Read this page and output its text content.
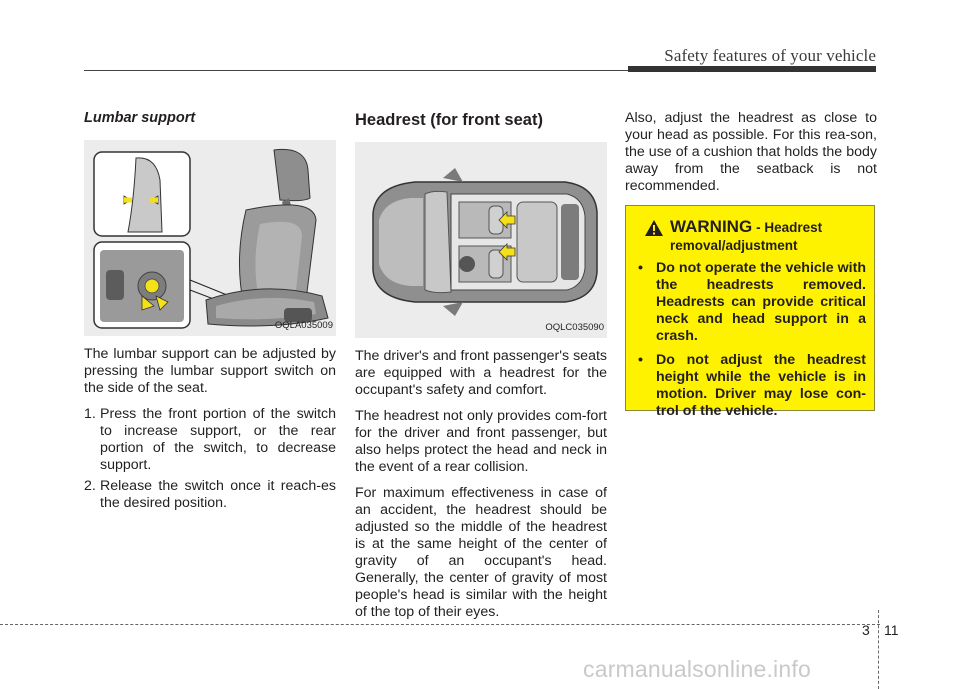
Safety features of your vehicle
Lumbar support
OQLA035009

The lumbar support can be adjusted by pressing the lumbar support switch on the side of the seat.

1. Press the front portion of the switch to increase support, or the rear portion of the switch, to decrease support.
2. Release the switch once it reach-es the desired position.
Headrest (for front seat)
OQLC035090

The driver's and front passenger's seats are equipped with a headrest for the occupant's safety and comfort.

The headrest not only provides com-fort for the driver and front passenger, but also helps protect the head and neck in the event of a rear collision.

For maximum effectiveness in case of an accident, the headrest should be adjusted so the middle of the headrest is at the same height of the center of gravity of an occupant's head. Generally, the center of gravity of most people's head is similar with the height of the top of their eyes.

Also, adjust the headrest as close to your head as possible. For this rea-son, the use of a cushion that holds the body away from the seatback is not recommended.

WARNING - Headrest
removal/adjustment
• Do not operate the vehicle with the headrests removed. Headrests can provide critical neck and head support in a crash.
• Do not adjust the headrest height while the vehicle is in motion. Driver may lose con-trol of the vehicle.
3 11
carmanualsonline.info
